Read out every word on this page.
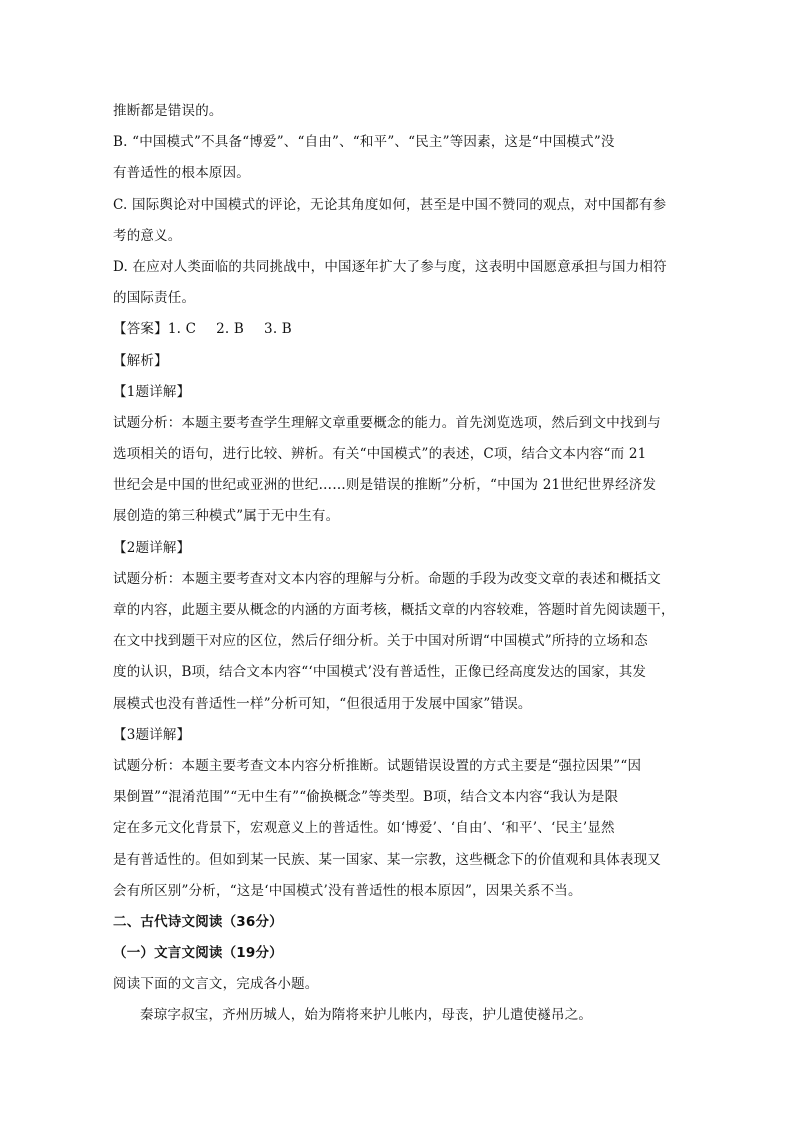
推断都是错误的。
B. “中国模式”不具备“博爱”、“自由”、“和平”、“民主”等因素，这是“中国模式”没
有普适性的根本原因。
C. 国际舆论对中国模式的评论，无论其角度如何，甚至是中国不赞同的观点，对中国都有参
考的意义。
D. 在应对人类面临的共同挑战中，中国逐年扩大了参与度，这表明中国愿意承担与国力相符
的国际责任。
【答案】1. C 2. B 3. B
【解析】
【1题详解】
试题分析：本题主要考查学生理解文章重要概念的能力。首先浏览选项，然后到文中找到与
选项相关的语句，进行比较、辨析。有关“中国模式”的表述，C项，结合文本内容“而 21
世纪会是中国的世纪或亚洲的世纪……则是错误的推断”分析，“中国为 21世纪世界经济发
展创造的第三种模式”属于无中生有。
【2题详解】
试题分析：本题主要考查对文本内容的理解与分析。命题的手段为改变文章的表述和概括文
章的内容，此题主要从概念的内涵的方面考核，概括文章的内容较难，答题时首先阅读题干，
在文中找到题干对应的区位，然后仔细分析。关于中国对所谓“中国模式”所持的立场和态
度的认识，B项，结合文本内容“‘中国模式’没有普适性，正像已经高度发达的国家，其发
展模式也没有普适性一样”分析可知，“但很适用于发展中国家”错误。
【3题详解】
试题分析：本题主要考查文本内容分析推断。试题错误设置的方式主要是“强拉因果”“因
果倒置”“混淆范围”“无中生有”“偷换概念”等类型。B项，结合文本内容“我认为是限
定在多元文化背景下，宏观意义上的普适性。如‘博爱’、‘自由’、‘和平’、‘民主’显然
是有普适性的。但如到某一民族、某一国家、某一宗教，这些概念下的价值观和具体表现又
会有所区别”分析，“这是‘中国模式’没有普适性的根本原因”，因果关系不当。
二、古代诗文阅读（36分）
（一）文言文阅读（19分）
阅读下面的文言文，完成各小题。
秦琼字叔宝，齐州历城人，始为隋将来护儿帐内，母丧，护儿遣使襚吊之。
